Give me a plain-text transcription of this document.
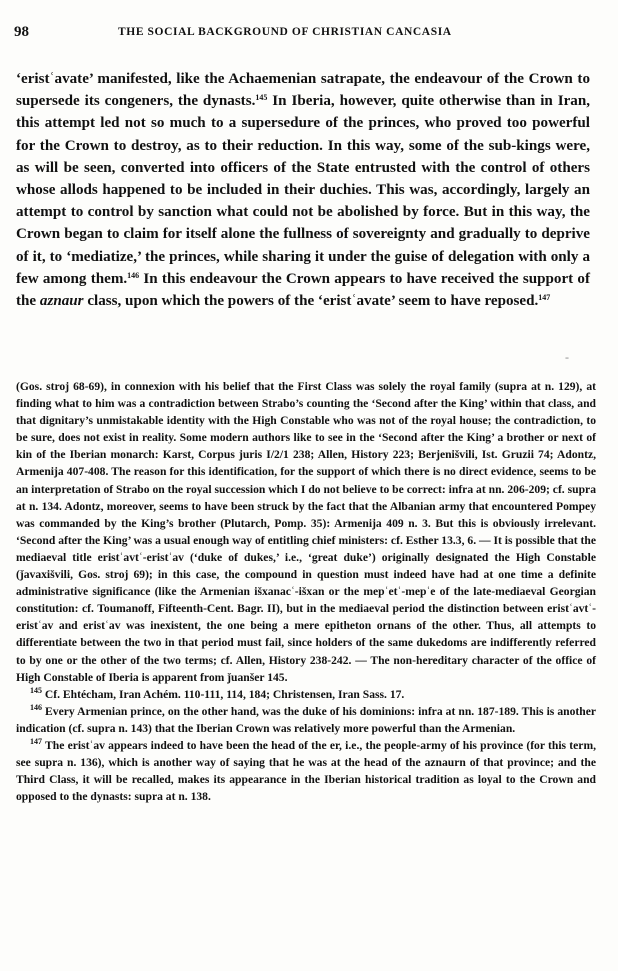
98	THE SOCIAL BACKGROUND OF CHRISTIAN CANCASIA

‘eristʿavate’ manifested, like the Achaemenian satrapate, the endeavour of the Crown to supersede its congeners, the dynasts.$^{145}$ In Iberia, however, quite otherwise than in Iran, this attempt led not so much to a supersedure of the princes, who proved too powerful for the Crown to destroy, as to their reduction. In this way, some of the sub-kings were, as will be seen, converted into officers of the State entrusted with the control of others whose allods happened to be included in their duchies. This was, accordingly, largely an attempt to control by sanction what could not be abolished by force. But in this way, the Crown began to claim for itself alone the fullness of sovereignty and gradually to deprive of it, to ‘mediatize,’ the princes, while sharing it under the guise of delegation with only a few among them.$^{146}$ In this endeavour the Crown appears to have received the support of the aznaur class, upon which the powers of the ‘eristʿavate’ seem to have reposed.$^{147}$

‐

(Gos. stroj 68-69), in connexion with his belief that the First Class was solely the royal family (supra at n. 129), at finding what to him was a contradiction between Strabo’s counting the ‘Second after the King’ within that class, and that dignitary’s unmistakable identity with the High Constable who was not of the royal house; the contradiction, to be sure, does not exist in reality. Some modern authors like to see in the ‘Second after the King’ a brother or next of kin of the Iberian monarch: Karst, Corpus juris I/2/1 238; Allen, History 223; Berjenišvili, Ist. Gruzii 74; Adontz, Armenija 407-408. The reason for this identification, for the support of which there is no direct evidence, seems to be an interpretation of Strabo on the royal succession which I do not believe to be correct: infra at nn. 206-209; cf. supra at n. 134. Adontz, moreover, seems to have been struck by the fact that the Albanian army that encountered Pompey was commanded by the King’s brother (Plutarch, Pomp. 35): Armenija 409 n. 3. But this is obviously irrelevant. ‘Second after the King’ was a usual enough way of entitling chief ministers: cf. Esther 13.3, 6. — It is possible that the mediaeval title eristʿavtʿ-eristʿav (‘duke of dukes,’ i.e., ‘great duke’) originally designated the High Constable (ǰavaxišvili, Gos. stroj 69); in this case, the compound in question must indeed have had at one time a definite administrative significance (like the Armenian išxanacʿ-išxan or the mepʿetʿ-mepʿe of the late-mediaeval Georgian constitution: cf. Toumanoff, Fifteenth-Cent. Bagr. II), but in the mediaeval period the distinction between eristʿavtʿ-eristʿav and eristʿav was inexistent, the one being a mere epitheton ornans of the other. Thus, all attempts to differentiate between the two in that period must fail, since holders of the same dukedoms are indifferently referred to by one or the other of the two terms; cf. Allen, History 238-242. — The non-hereditary character of the office of High Constable of Iberia is apparent from ǰuanšer 145.

$^{145}$ Cf. Ehtécham, Iran Achém. 110-111, 114, 184; Christensen, Iran Sass. 17.

$^{146}$ Every Armenian prince, on the other hand, was the duke of his dominions: infra at nn. 187-189. This is another indication (cf. supra n. 143) that the Iberian Crown was relatively more powerful than the Armenian.

$^{147}$ The eristʿav appears indeed to have been the head of the er, i.e., the people-army of his province (for this term, see supra n. 136), which is another way of saying that he was at the head of the aznaurn of that province; and the Third Class, it will be recalled, makes its appearance in the Iberian historical tradition as loyal to the Crown and opposed to the dynasts: supra at n. 138.
